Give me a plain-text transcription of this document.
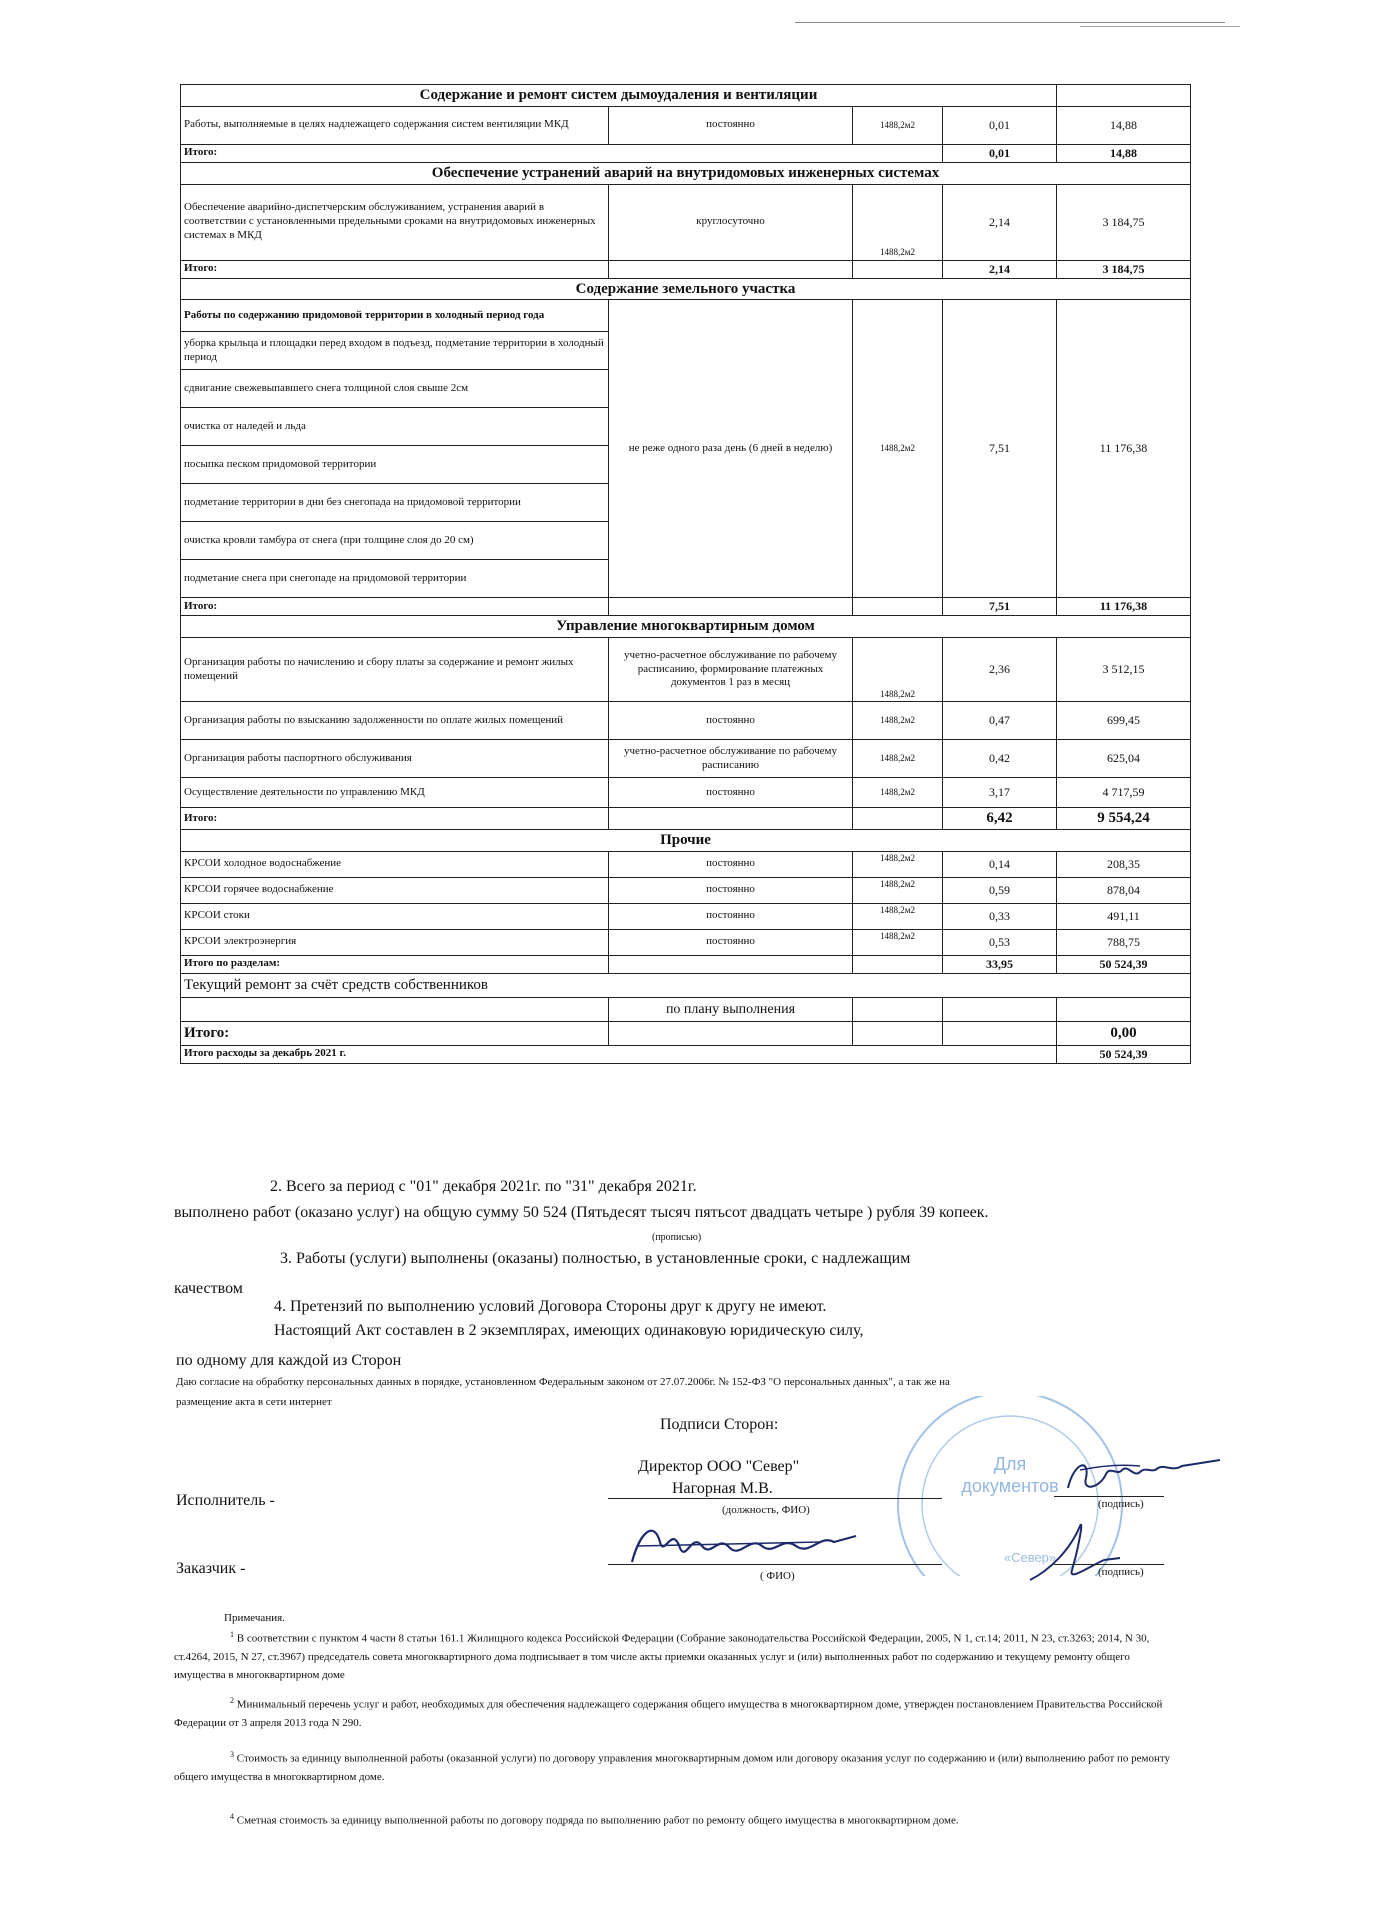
Содержание и ремонт систем дымоудаления и вентиляции				
Работы, выполняемые в целях надлежащего содержания систем вентиляции МКД	постоянно	1488,2м2	0,01	14,88
Итого:			0,01	14,88
Обеспечение устранений аварий на внутридомовых инженерных системах				
Обеспечение аварийно-диспетчерским обслуживанием, устранения аварий в соответствии с установленными предельными сроками на внутридомовых инженерных системах в МКД	круглосуточно	1488,2м2	2,14	3 184,75
Итого:			2,14	3 184,75
Содержание земельного участка				
Работы по содержанию придомовой территории в холодный период года	не реже одного раза день (6 дней в неделю)	1488,2м2	7,51	11 176,38
уборка крыльца и площадки перед входом в подъезд, подметание территории в холодный период				
сдвигание свежевыпавшего снега толщиной слоя свыше 2см				
очистка от наледей и льда				
посыпка песком придомовой территории				
подметание территории в дни без снегопада на придомовой территории				
очистка кровли тамбура от снега (при толщине слоя до 20 см)				
подметание снега при снегопаде на придомовой территории				
Итого:			7,51	11 176,38
Управление многоквартирным домом				
Организация работы по начислению и сбору платы за содержание и ремонт жилых помещений	учетно-расчетное обслуживание по рабочему расписанию, формирование платежных документов 1 раз в месяц	1488,2м2	2,36	3 512,15
Организация работы по взысканию задолженности по оплате жилых помещений	постоянно	1488,2м2	0,47	699,45
Организация работы паспортного обслуживания	учетно-расчетное обслуживание по рабочему расписанию	1488,2м2	0,42	625,04
Осуществление деятельности по управлению МКД	постоянно	1488,2м2	3,17	4 717,59
Итого:			6,42	9 554,24
Прочие				
КРСОИ холодное водоснабжение	постоянно	1488,2м2	0,14	208,35
КРСОИ горячее водоснабжение	постоянно	1488,2м2	0,59	878,04
КРСОИ стоки	постоянно	1488,2м2	0,33	491,11
КРСОИ электроэнергия	постоянно	1488,2м2	0,53	788,75
Итого по разделам:			33,95	50 524,39
Текущий ремонт за счёт средств собственников				
	по плану выполнения			
Итого:				0,00
Итого расходы за декабрь 2021 г.				50 524,39
2. Всего за период с "01" декабря 2021г. по "31" декабря 2021г.
выполнено работ (оказано услуг) на общую сумму 50 524 (Пятьдесят тысяч пятьсот двадцать четыре ) рубля 39 копеек.
(прописью)
3. Работы (услуги) выполнены (оказаны) полностью, в установленные сроки, с надлежащим
качеством
4. Претензий по выполнению условий Договора Стороны друг к другу не имеют.
Настоящий Акт составлен в 2 экземплярах, имеющих одинаковую юридическую силу,
по одному для каждой из Сторон
Даю согласие на обработку персональных данных в порядке, установленном Федеральным законом от 27.07.2006г. № 152-ФЗ "О персональных данных", а так же на
размещение акта в сети интернет
Подписи Сторон:
Для
документов
«Север»
Директор ООО "Север"
Нагорная М.В.
Исполнитель -
(должность, ФИО)	(подпись)
Заказчик -	( ФИО)	(подпись)
Примечания.
$^1$ В соответствии с пунктом 4 части 8 статьи 161.1 Жилищного кодекса Российской Федерации (Собрание законодательства Российской Федерации, 2005, N 1, ст.14; 2011, N 23, ст.3263; 2014, N 30, ст.4264, 2015, N 27, ст.3967) председатель совета многоквартирного дома подписывает в том числе акты приемки оказанных услуг и (или) выполненных работ по содержанию и текущему ремонту общего имущества в многоквартирном доме
$^2$ Минимальный перечень услуг и работ, необходимых для обеспечения надлежащего содержания общего имущества в многоквартирном доме, утвержден постановлением Правительства Российской Федерации от 3 апреля 2013 года N 290.
$^3$ Стоимость за единицу выполненной работы (оказанной услуги) по договору управления многоквартирным домом или договору оказания услуг по содержанию и (или) выполнению работ по ремонту общего имущества в многоквартирном доме.
$^4$ Сметная стоимость за единицу выполненной работы по договору подряда по выполнению работ по ремонту общего имущества в многоквартирном доме.
